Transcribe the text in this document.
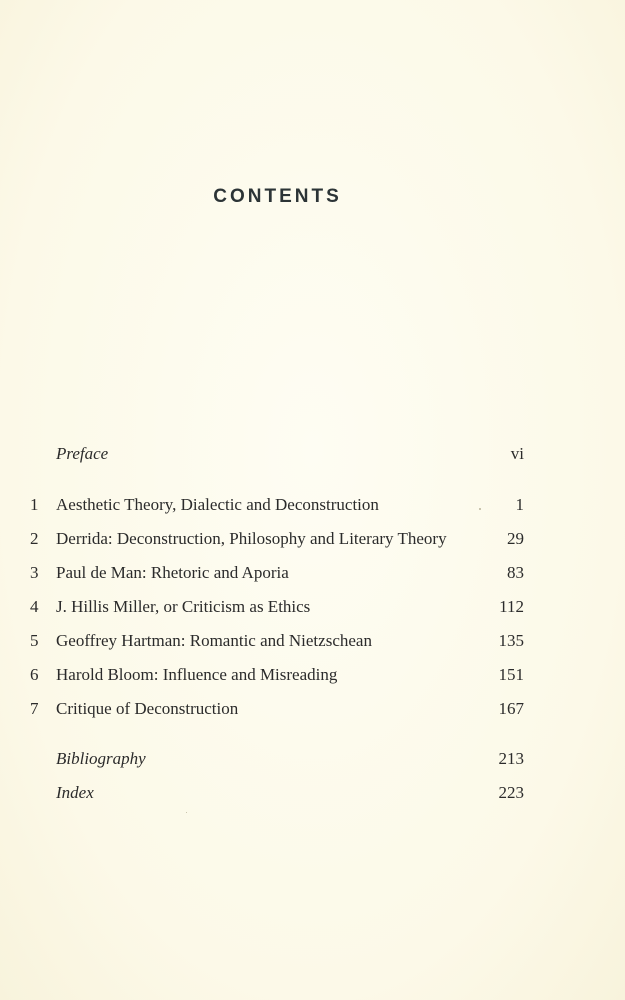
CONTENTS
Preface	vi
1	Aesthetic Theory, Dialectic and Deconstruction	1
2	Derrida: Deconstruction, Philosophy and Literary Theory	29
3	Paul de Man: Rhetoric and Aporia	83
4	J. Hillis Miller, or Criticism as Ethics	112
5	Geoffrey Hartman: Romantic and Nietzschean	135
6	Harold Bloom: Influence and Misreading	151
7	Critique of Deconstruction	167
Bibliography	213
Index	223
